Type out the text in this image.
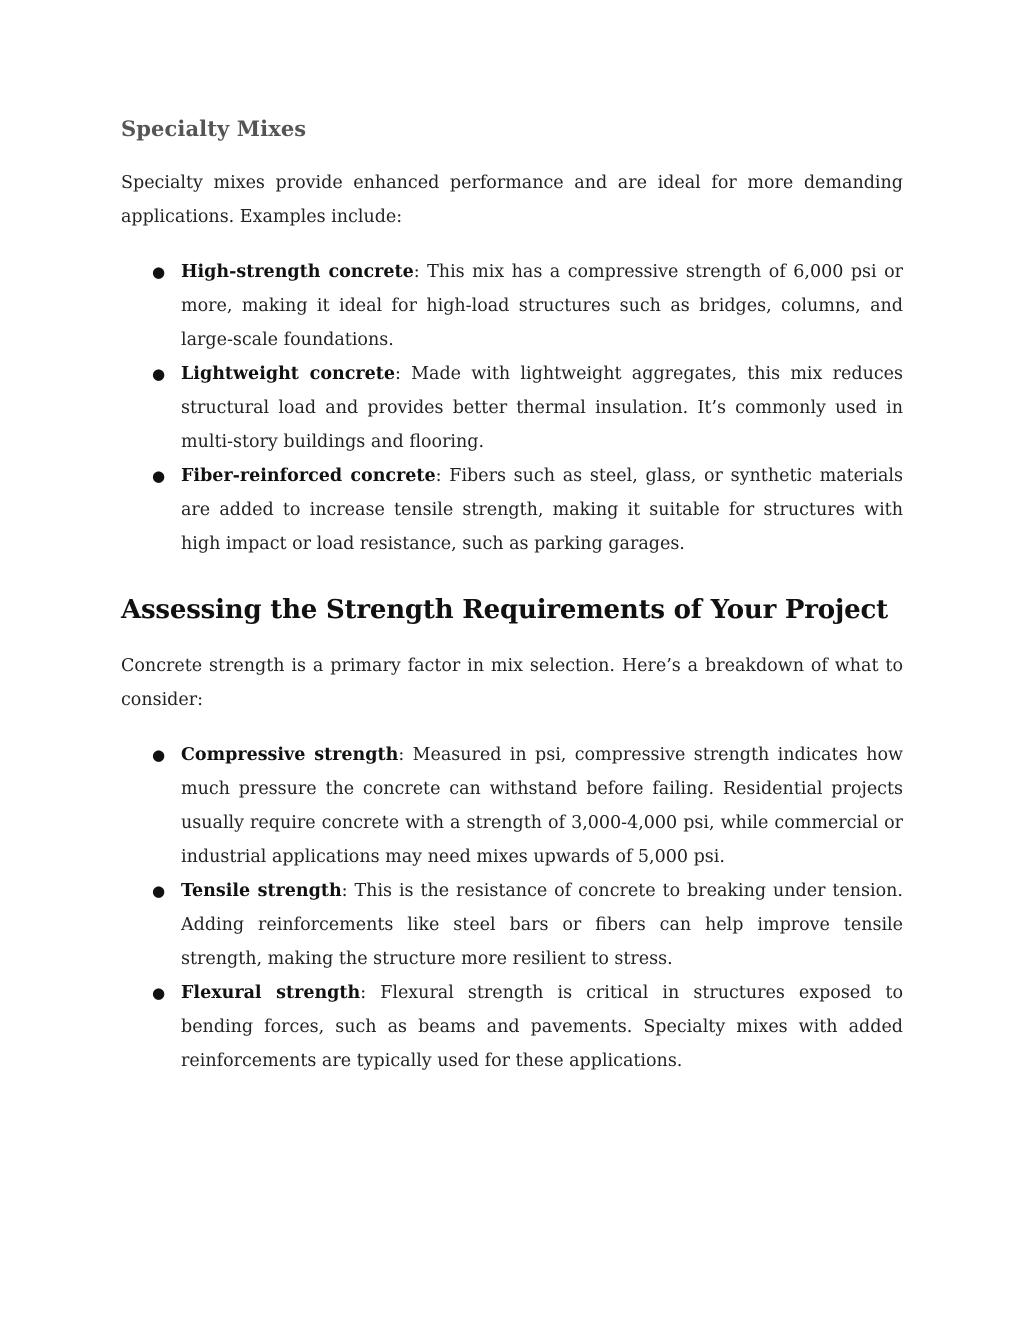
Specialty Mixes

Specialty mixes provide enhanced performance and are ideal for more demanding applications. Examples include:

● High-strength concrete: This mix has a compressive strength of 6,000 psi or more, making it ideal for high-load structures such as bridges, columns, and large-scale foundations.
● Lightweight concrete: Made with lightweight aggregates, this mix reduces structural load and provides better thermal insulation. It’s commonly used in multi-story buildings and flooring.
● Fiber-reinforced concrete: Fibers such as steel, glass, or synthetic materials are added to increase tensile strength, making it suitable for structures with high impact or load resistance, such as parking garages.
Assessing the Strength Requirements of Your Project

Concrete strength is a primary factor in mix selection. Here’s a breakdown of what to consider:

● Compressive strength: Measured in psi, compressive strength indicates how much pressure the concrete can withstand before failing. Residential projects usually require concrete with a strength of 3,000-4,000 psi, while commercial or industrial applications may need mixes upwards of 5,000 psi.
● Tensile strength: This is the resistance of concrete to breaking under tension. Adding reinforcements like steel bars or fibers can help improve tensile strength, making the structure more resilient to stress.
● Flexural strength: Flexural strength is critical in structures exposed to bending forces, such as beams and pavements. Specialty mixes with added reinforcements are typically used for these applications.
